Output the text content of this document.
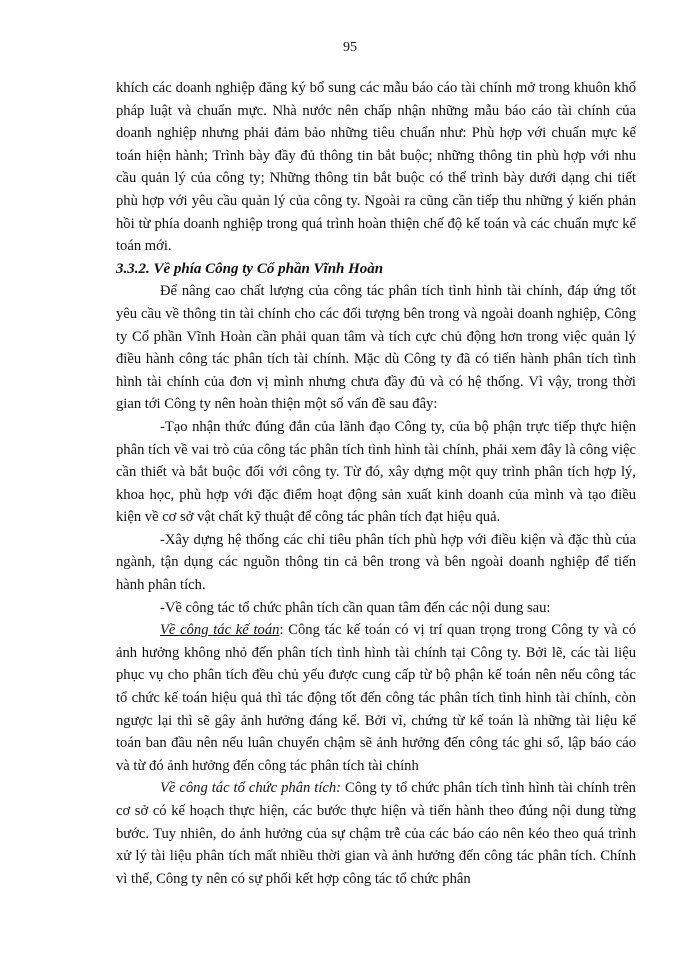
95

khích các doanh nghiệp đăng ký bổ sung các mẫu báo cáo tài chính mở trong khuôn khổ pháp luật và chuẩn mực. Nhà nước nên chấp nhận những mẫu báo cáo tài chính của doanh nghiệp nhưng phải đảm bảo những tiêu chuẩn như: Phù hợp với chuẩn mực kế toán hiện hành; Trình bày đầy đủ thông tin bắt buộc; những thông tin phù hợp với nhu cầu quản lý của công ty; Những thông tin bắt buộc có thể trình bày dưới dạng chi tiết phù hợp với yêu cầu quản lý của công ty. Ngoài ra cũng cần tiếp thu những ý kiến phản hồi từ phía doanh nghiệp trong quá trình hoàn thiện chế độ kế toán và các chuẩn mực kế toán mới.

3.3.2. Về phía Công ty Cổ phần Vĩnh Hoàn

Để nâng cao chất lượng của công tác phân tích tình hình tài chính, đáp ứng tốt yêu cầu về thông tin tài chính cho các đối tượng bên trong và ngoài doanh nghiệp, Công ty Cổ phần Vĩnh Hoàn cần phải quan tâm và tích cực chủ động hơn trong việc quản lý điều hành công tác phân tích tài chính. Mặc dù Công ty đã có tiến hành phân tích tình hình tài chính của đơn vị mình nhưng chưa đầy đủ và có hệ thống. Vì vậy, trong thời gian tới Công ty nên hoàn thiện một số vấn đề sau đây:

-Tạo nhận thức đúng đắn của lãnh đạo Công ty, của bộ phận trực tiếp thực hiện phân tích về vai trò của công tác phân tích tình hình tài chính, phải xem đây là công việc cần thiết và bắt buộc đối với công ty. Từ đó, xây dựng một quy trình phân tích hợp lý, khoa học, phù hợp với đặc điểm hoạt động sản xuất kinh doanh của mình và tạo điều kiện về cơ sở vật chất kỹ thuật để công tác phân tích đạt hiệu quả.

-Xây dựng hệ thống các chỉ tiêu phân tích phù hợp với điều kiện và đặc thù của ngành, tận dụng các nguồn thông tin cả bên trong và bên ngoài doanh nghiệp để tiến hành phân tích.

-Về công tác tổ chức phân tích cần quan tâm đến các nội dung sau:

Về công tác kế toán: Công tác kế toán có vị trí quan trọng trong Công ty và có ảnh hưởng không nhỏ đến phân tích tình hình tài chính tại Công ty. Bởi lẽ, các tài liệu phục vụ cho phân tích đều chủ yếu được cung cấp từ bộ phận kế toán nên nếu công tác tổ chức kế toán hiệu quả thì tác động tốt đến công tác phân tích tình hình tài chính, còn ngược lại thì sẽ gây ảnh hưởng đáng kể. Bởi vì, chứng từ kế toán là những tài liệu kế toán ban đầu nên nếu luân chuyển chậm sẽ ảnh hưởng đến công tác ghi sổ, lập báo cáo và từ đó ảnh hưởng đến công tác phân tích tài chính

Về công tác tổ chức phân tích: Công ty tổ chức phân tích tình hình tài chính trên cơ sở có kế hoạch thực hiện, các bước thực hiện và tiến hành theo đúng nội dung từng bước. Tuy nhiên, do ảnh hưởng của sự chậm trễ của các báo cáo nên kéo theo quá trình xử lý tài liệu phân tích mất nhiều thời gian và ảnh hưởng đến công tác phân tích. Chính vì thế, Công ty nên có sự phối kết hợp công tác tổ chức phân
